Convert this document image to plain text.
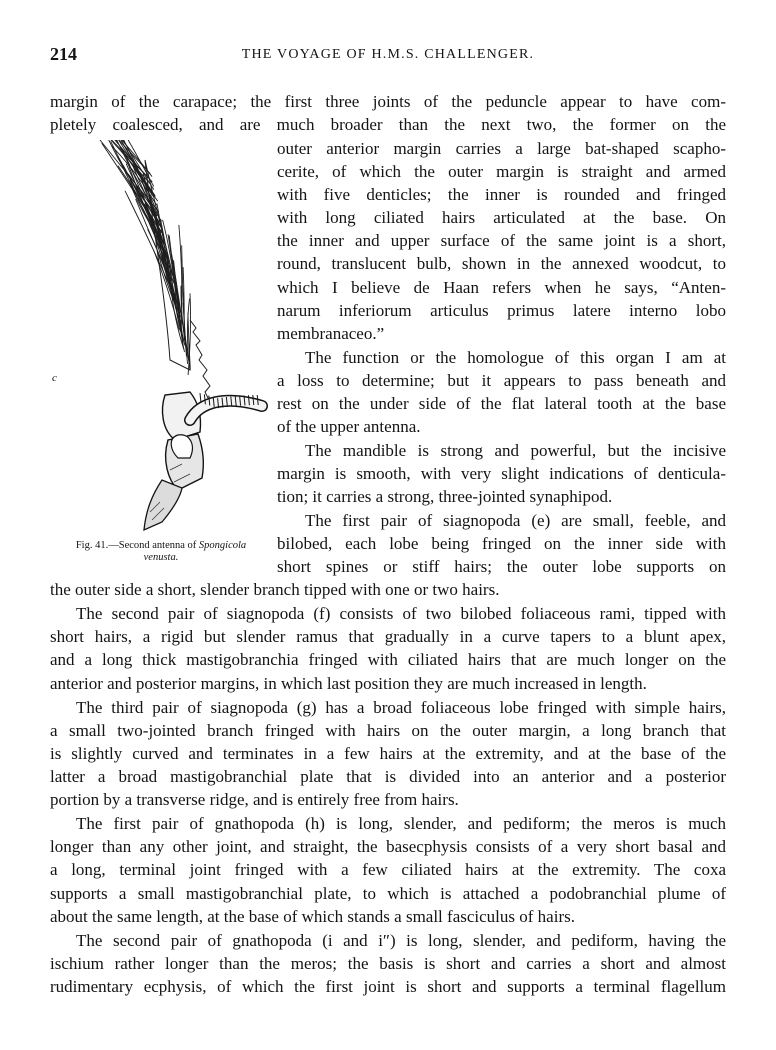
214	THE VOYAGE OF H.M.S. CHALLENGER.
c
Fig. 41.—Second antenna of Spongicola
venusta.
margin of the carapace; the first three joints of the peduncle appear to have com-
pletely coalesced, and are much broader than the next two, the former on the
outer anterior margin carries a large bat-shaped scapho-
cerite, of which the outer margin is straight and armed
with five denticles; the inner is rounded and fringed
with long ciliated hairs articulated at the base. On
the inner and upper surface of the same joint is a short,
round, translucent bulb, shown in the annexed woodcut, to
which I believe de Haan refers when he says, “Anten-
narum inferiorum articulus primus latere interno lobo
membranaceo.”
The function or the homologue of this organ I am at
a loss to determine; but it appears to pass beneath and
rest on the under side of the flat lateral tooth at the base
of the upper antenna.
The mandible is strong and powerful, but the incisive
margin is smooth, with very slight indications of denticula-
tion; it carries a strong, three-jointed synaphipod.
The first pair of siagnopoda (e) are small, feeble, and
bilobed, each lobe being fringed on the inner side with
short spines or stiff hairs; the outer lobe supports on
the outer side a short, slender branch tipped with one or two hairs.
The second pair of siagnopoda (f) consists of two bilobed foliaceous rami, tipped with
short hairs, a rigid but slender ramus that gradually in a curve tapers to a blunt apex,
and a long thick mastigobranchia fringed with ciliated hairs that are much longer on the
anterior and posterior margins, in which last position they are much increased in length.
The third pair of siagnopoda (g) has a broad foliaceous lobe fringed with simple hairs,
a small two-jointed branch fringed with hairs on the outer margin, a long branch that
is slightly curved and terminates in a few hairs at the extremity, and at the base of the
latter a broad mastigobranchial plate that is divided into an anterior and a posterior
portion by a transverse ridge, and is entirely free from hairs.
The first pair of gnathopoda (h) is long, slender, and pediform; the meros is much
longer than any other joint, and straight, the basecphysis consists of a very short basal and
a long, terminal joint fringed with a few ciliated hairs at the extremity. The coxa
supports a small mastigobranchial plate, to which is attached a podobranchial plume of
about the same length, at the base of which stands a small fasciculus of hairs.
The second pair of gnathopoda (i and i″) is long, slender, and pediform, having the
ischium rather longer than the meros; the basis is short and carries a short and almost
rudimentary ecphysis, of which the first joint is short and supports a terminal flagellum
